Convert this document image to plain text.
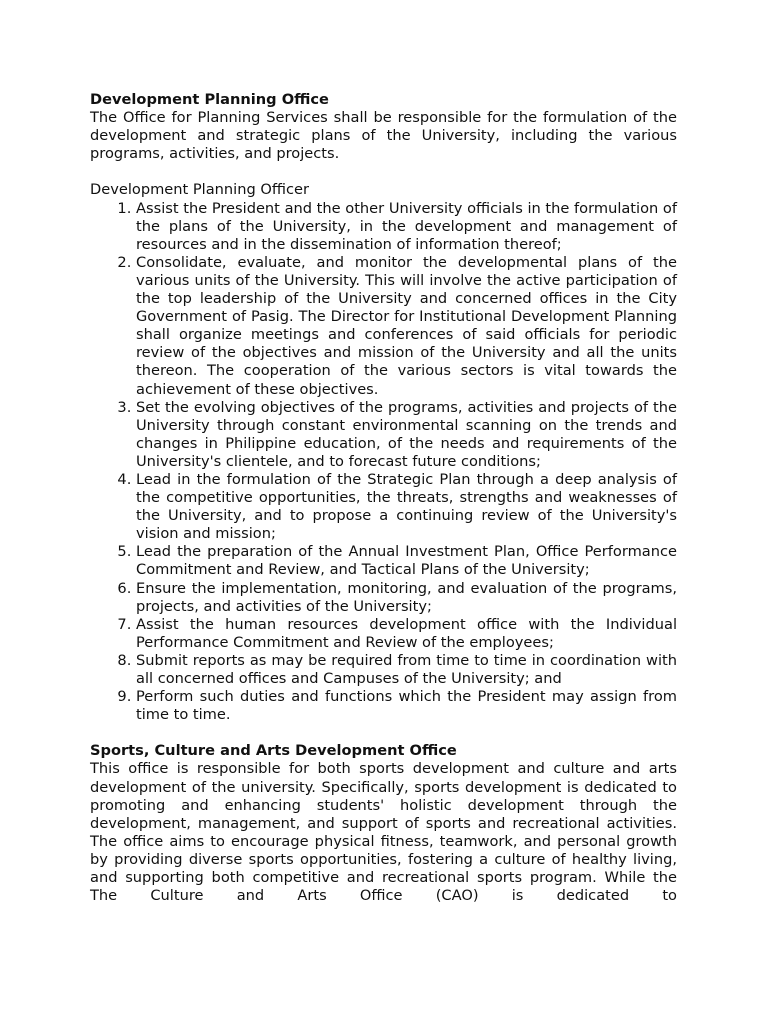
Development Planning Office

The Office for Planning Services shall be responsible for the formulation of the development and strategic plans of the University, including the various programs, activities, and projects.

Development Planning Officer

1. Assist the President and the other University officials in the formulation of the plans of the University, in the development and management of resources and in the dissemination of information thereof;
2. Consolidate, evaluate, and monitor the developmental plans of the various units of the University. This will involve the active participation of the top leadership of the University and concerned offices in the City Government of Pasig. The Director for Institutional Development Planning shall organize meetings and conferences of said officials for periodic review of the objectives and mission of the University and all the units thereon. The cooperation of the various sectors is vital towards the achievement of these objectives.
3. Set the evolving objectives of the programs, activities and projects of the University through constant environmental scanning on the trends and changes in Philippine education, of the needs and requirements of the University's clientele, and to forecast future conditions;
4. Lead in the formulation of the Strategic Plan through a deep analysis of the competitive opportunities, the threats, strengths and weaknesses of the University, and to propose a continuing review of the University's vision and mission;
5. Lead the preparation of the Annual Investment Plan, Office Performance Commitment and Review, and Tactical Plans of the University;
6. Ensure the implementation, monitoring, and evaluation of the programs, projects, and activities of the University;
7. Assist the human resources development office with the Individual Performance Commitment and Review of the employees;
8. Submit reports as may be required from time to time in coordination with all concerned offices and Campuses of the University; and
9. Perform such duties and functions which the President may assign from time to time.

Sports, Culture and Arts Development Office

This office is responsible for both sports development and culture and arts development of the university. Specifically, sports development is dedicated to promoting and enhancing students' holistic development through the development, management, and support of sports and recreational activities. The office aims to encourage physical fitness, teamwork, and personal growth by providing diverse sports opportunities, fostering a culture of healthy living, and supporting both competitive and recreational sports program. While the The Culture and Arts Office (CAO) is dedicated to
